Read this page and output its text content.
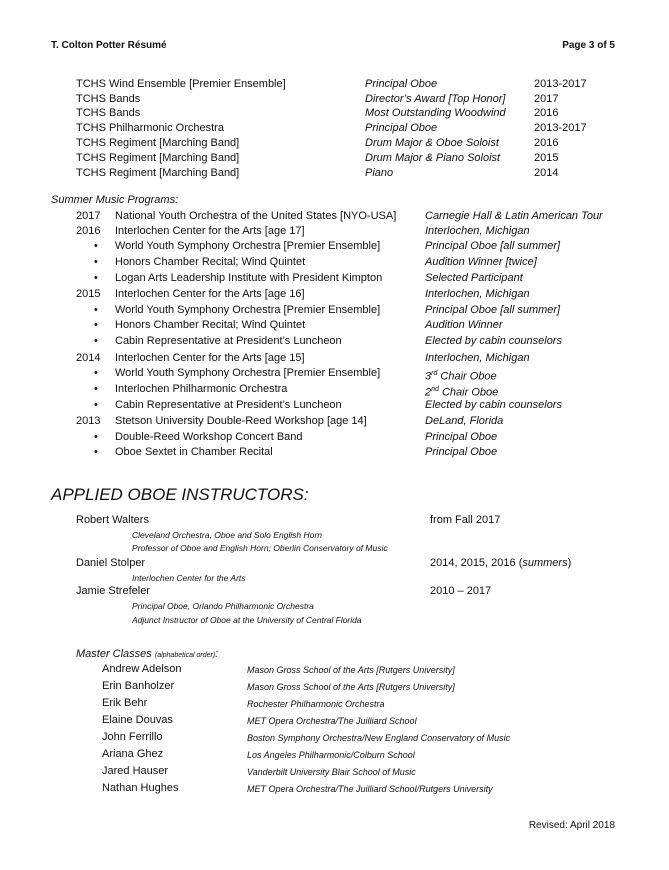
T. Colton Potter Résumé	Page 3 of 5
TCHS Wind Ensemble [Premier Ensemble]	Principal Oboe	2013-2017
TCHS Bands	Director’s Award [Top Honor]	2017
TCHS Bands	Most Outstanding Woodwind	2016
TCHS Philharmonic Orchestra	Principal Oboe	2013-2017
TCHS Regiment [Marching Band]	Drum Major & Oboe Soloist	2016
TCHS Regiment [Marching Band]	Drum Major & Piano Soloist	2015
TCHS Regiment [Marching Band]	Piano	2014
Summer Music Programs:
2017 National Youth Orchestra of the United States [NYO-USA]	Carnegie Hall & Latin American Tour
2016 Interlochen Center for the Arts [age 17]	Interlochen, Michigan
• World Youth Symphony Orchestra [Premier Ensemble]	Principal Oboe [all summer]
• Honors Chamber Recital; Wind Quintet	Audition Winner [twice]
• Logan Arts Leadership Institute with President Kimpton	Selected Participant
2015 Interlochen Center for the Arts [age 16]	Interlochen, Michigan
• World Youth Symphony Orchestra [Premier Ensemble]	Principal Oboe [all summer]
• Honors Chamber Recital; Wind Quintet	Audition Winner
• Cabin Representative at President’s Luncheon	Elected by cabin counselors
2014 Interlochen Center for the Arts [age 15]	Interlochen, Michigan
• World Youth Symphony Orchestra [Premier Ensemble]	3rd Chair Oboe
• Interlochen Philharmonic Orchestra	2nd Chair Oboe
• Cabin Representative at President’s Luncheon	Elected by cabin counselors
2013 Stetson University Double-Reed Workshop [age 14]	DeLand, Florida
• Double-Reed Workshop Concert Band	Principal Oboe
• Oboe Sextet in Chamber Recital	Principal Oboe
APPLIED OBOE INSTRUCTORS:
Robert Walters	from Fall 2017
Cleveland Orchestra, Oboe and Solo English Horn
Professor of Oboe and English Horn; Oberlin Conservatory of Music
Daniel Stolper	2014, 2015, 2016 (summers)
Interlochen Center for the Arts
Jamie Strefeler	2010 – 2017
Principal Oboe, Orlando Philharmonic Orchestra
Adjunct Instructor of Oboe at the University of Central Florida
Master Classes (alphabetical order):
Andrew Adelson	Mason Gross School of the Arts [Rutgers University]
Erin Banholzer	Mason Gross School of the Arts [Rutgers University]
Erik Behr	Rochester Philharmonic Orchestra
Elaine Douvas	MET Opera Orchestra/The Juilliard School
John Ferrillo	Boston Symphony Orchestra/New England Conservatory of Music
Ariana Ghez	Los Angeles Philharmonic/Colburn School
Jared Hauser	Vanderbilt University Blair School of Music
Nathan Hughes	MET Opera Orchestra/The Juilliard School/Rutgers University
Revised: April 2018
